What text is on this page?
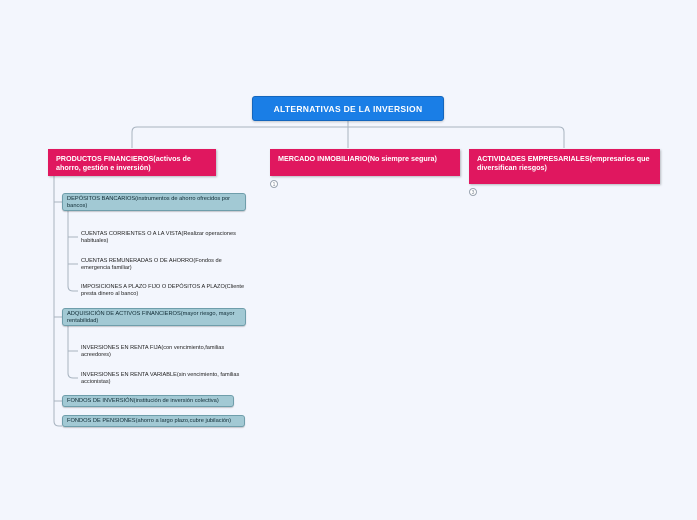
ALTERNATIVAS DE LA INVERSION
PRODUCTOS FINANCIEROS(activos de ahorro, gestión e inversión)
MERCADO INMOBILIARIO(No siempre segura)
1
ACTIVIDADES EMPRESARIALES(empresarios que diversifican riesgos)
3
DEPÓSITOS BANCARIOS(instrumentos de ahorro ofrecidos por bancos)
CUENTAS CORRIENTES O A LA VISTA(Realizar operaciones habituales)
CUENTAS REMUNERADAS O DE AHORRO(Fondos de emergencia familiar)
IMPOSICIONES A PLAZO FIJO O DEPÓSITOS A PLAZO(Cliente presta dinero al banco)
ADQUISICIÓN DE ACTIVOS FINANCIEROS(mayor riesgo, mayor rentabilidad)
INVERSIONES EN RENTA FIJA(con vencimiento,familias acreedores)
INVERSIONES EN RENTA VARIABLE(sin vencimiento, familias accionistas)
FONDOS DE INVERSIÓN(institución de inversión colectiva)
FONDOS DE PENSIONES(ahorro a largo plazo,cubre jubilación)
